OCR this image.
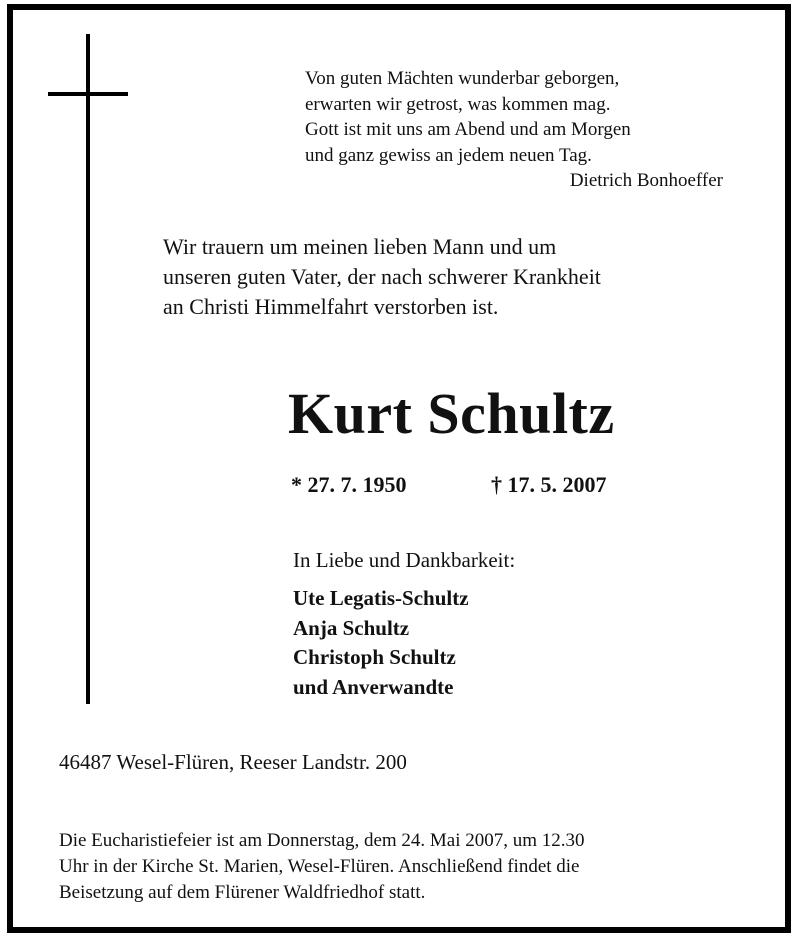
Von guten Mächten wunderbar geborgen,
erwarten wir getrost, was kommen mag.
Gott ist mit uns am Abend und am Morgen
und ganz gewiss an jedem neuen Tag.
Dietrich Bonhoeffer
Wir trauern um meinen lieben Mann und um
unseren guten Vater, der nach schwerer Krankheit
an Christi Himmelfahrt verstorben ist.
Kurt Schultz
* 27. 7. 1950	† 17. 5. 2007
In Liebe und Dankbarkeit:
Ute Legatis-Schultz
Anja Schultz
Christoph Schultz
und Anverwandte
46487 Wesel-Flüren, Reeser Landstr. 200
Die Eucharistiefeier ist am Donnerstag, dem 24. Mai 2007, um 12.30
Uhr in der Kirche St. Marien, Wesel-Flüren. Anschließend findet die
Beisetzung auf dem Flürener Waldfriedhof statt.
